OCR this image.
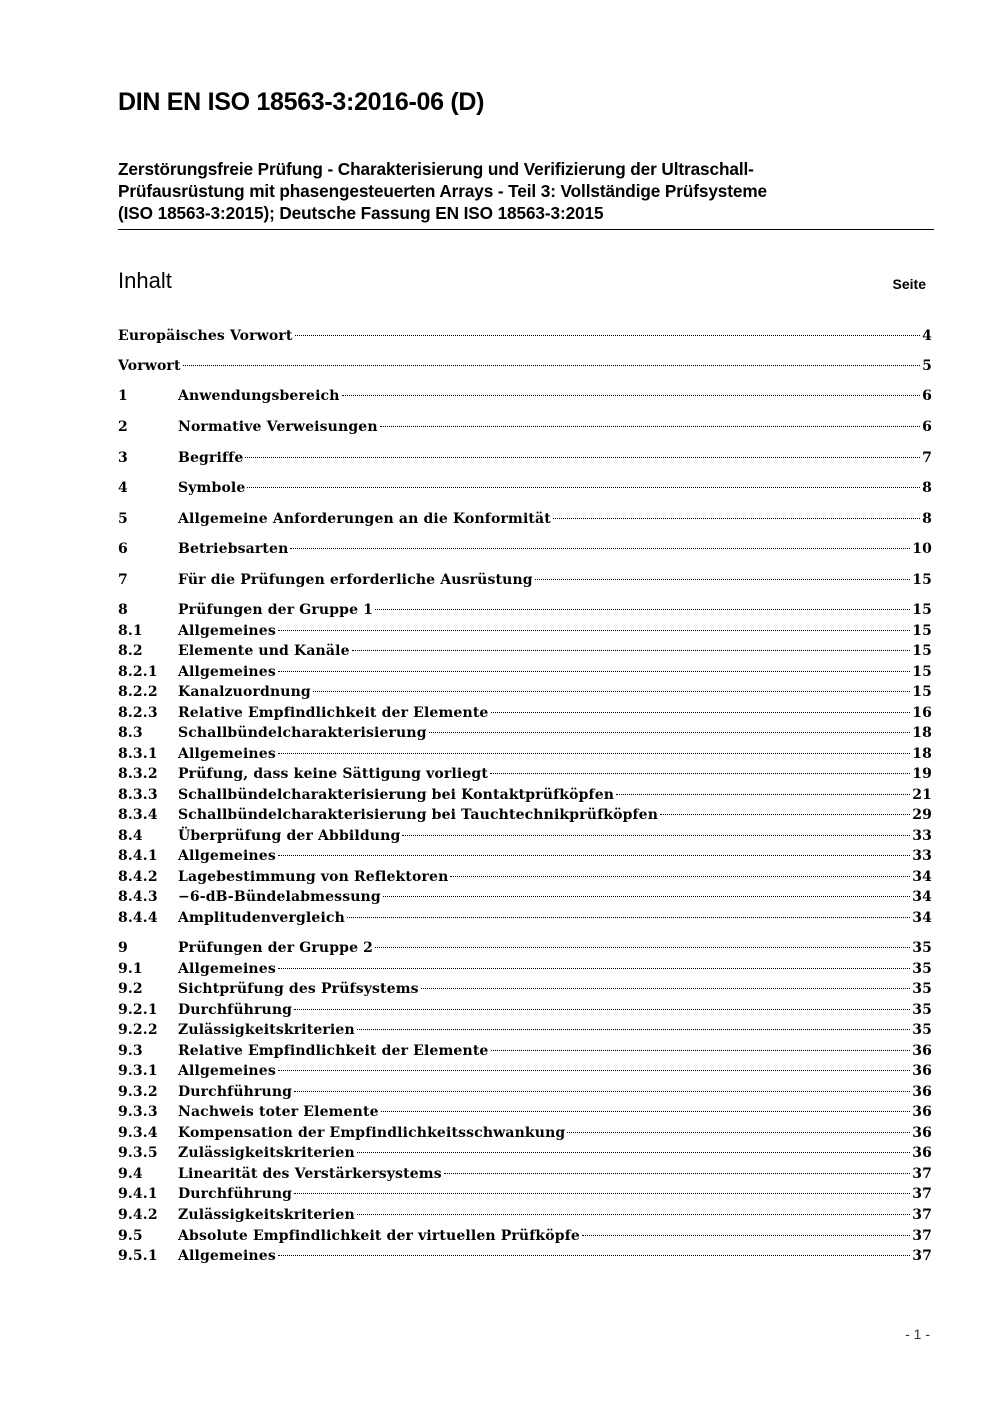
DIN EN ISO 18563-3:2016-06 (D)
Zerstörungsfreie Prüfung - Charakterisierung und Verifizierung der Ultraschall-
Prüfausrüstung mit phasengesteuerten Arrays - Teil 3: Vollständige Prüfsysteme
(ISO 18563-3:2015); Deutsche Fassung EN ISO 18563-3:2015
Inhalt	Seite
Europäisches Vorwort	4
Vorwort	5
1	Anwendungsbereich	6
2	Normative Verweisungen	6
3	Begriffe	7
4	Symbole	8
5	Allgemeine Anforderungen an die Konformität	8
6	Betriebsarten	10
7	Für die Prüfungen erforderliche Ausrüstung	15
8	Prüfungen der Gruppe 1	15
8.1	Allgemeines	15
8.2	Elemente und Kanäle	15
8.2.1	Allgemeines	15
8.2.2	Kanalzuordnung	15
8.2.3	Relative Empfindlichkeit der Elemente	16
8.3	Schallbündelcharakterisierung	18
8.3.1	Allgemeines	18
8.3.2	Prüfung, dass keine Sättigung vorliegt	19
8.3.3	Schallbündelcharakterisierung bei Kontaktprüfköpfen	21
8.3.4	Schallbündelcharakterisierung bei Tauchtechnikprüfköpfen	29
8.4	Überprüfung der Abbildung	33
8.4.1	Allgemeines	33
8.4.2	Lagebestimmung von Reflektoren	34
8.4.3	−6-dB-Bündelabmessung	34
8.4.4	Amplitudenvergleich	34
9	Prüfungen der Gruppe 2	35
9.1	Allgemeines	35
9.2	Sichtprüfung des Prüfsystems	35
9.2.1	Durchführung	35
9.2.2	Zulässigkeitskriterien	35
9.3	Relative Empfindlichkeit der Elemente	36
9.3.1	Allgemeines	36
9.3.2	Durchführung	36
9.3.3	Nachweis toter Elemente	36
9.3.4	Kompensation der Empfindlichkeitsschwankung	36
9.3.5	Zulässigkeitskriterien	36
9.4	Linearität des Verstärkersystems	37
9.4.1	Durchführung	37
9.4.2	Zulässigkeitskriterien	37
9.5	Absolute Empfindlichkeit der virtuellen Prüfköpfe	37
9.5.1	Allgemeines	37
- 1 -
